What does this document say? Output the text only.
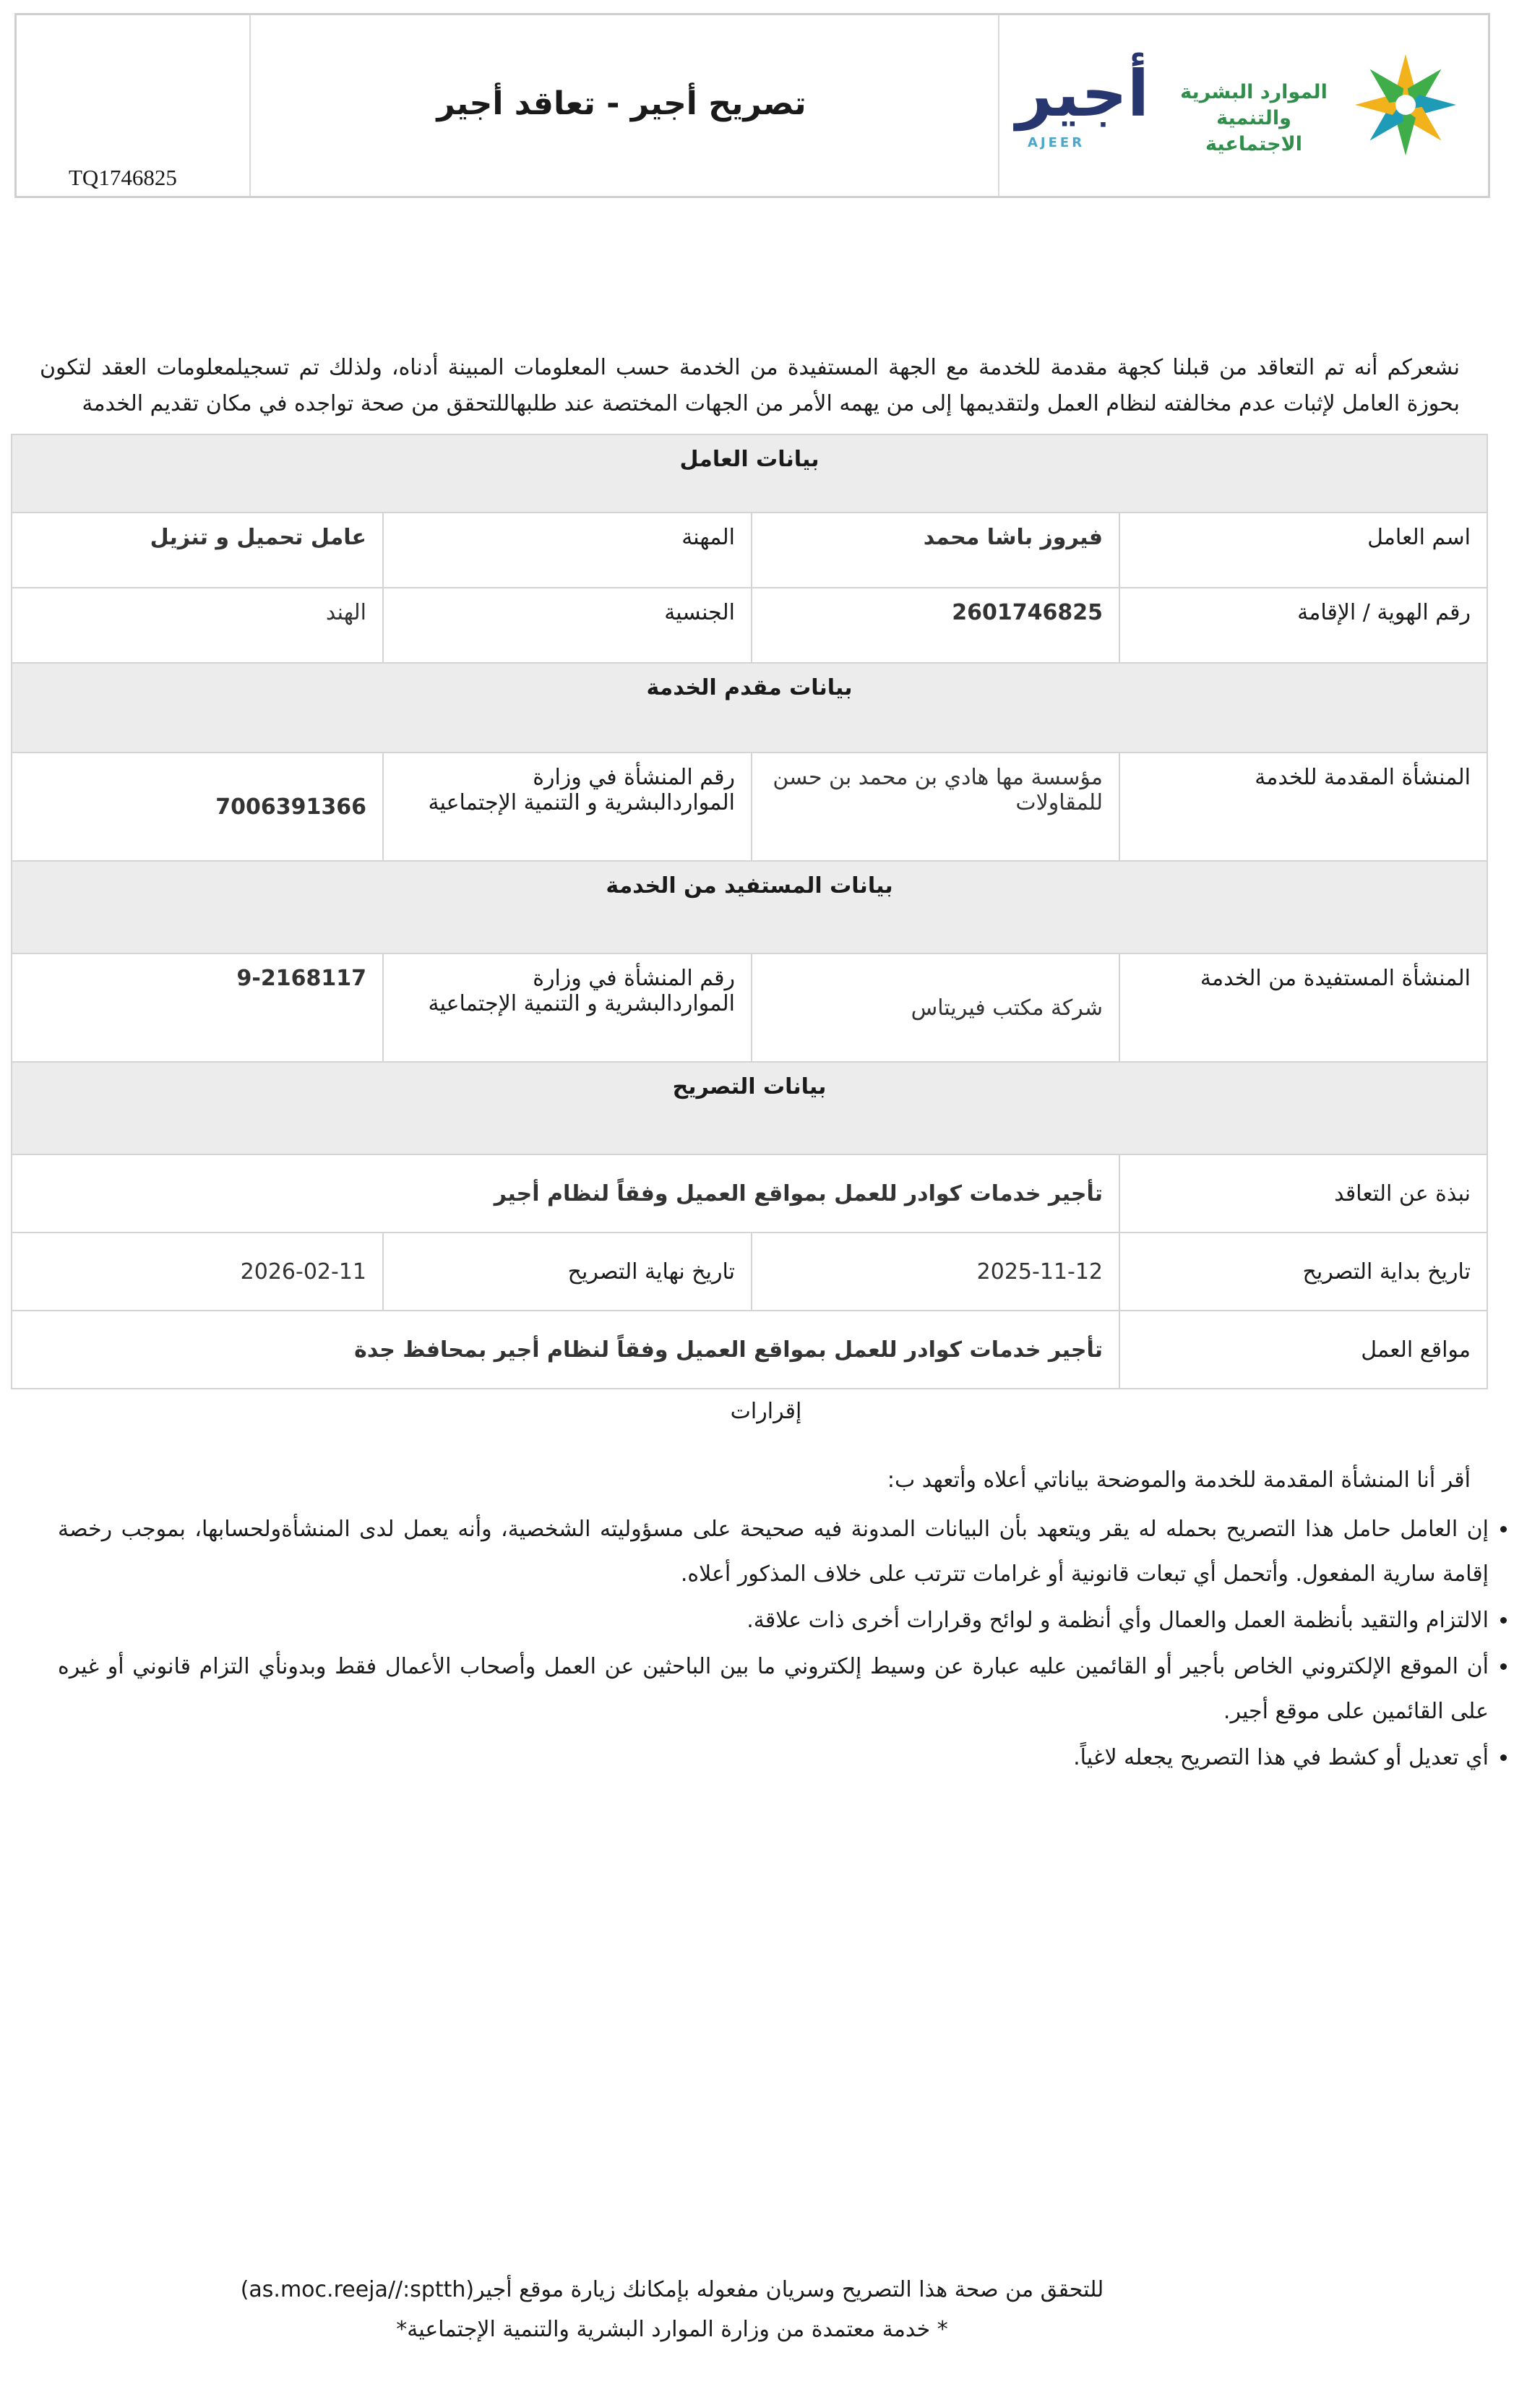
تصريح أجير - تعاقد أجير
TQ1746825
أجير
AJEER
الموارد البشرية
والتنمية الاجتماعية
نشعركم أنه تم التعاقد من قبلنا كجهة مقدمة للخدمة مع الجهة المستفيدة من الخدمة حسب المعلومات المبينة أدناه، ولذلك تم تسجيلمعلومات العقد لتكون بحوزة العامل لإثبات عدم مخالفته لنظام العمل ولتقديمها إلى من يهمه الأمر من الجهات المختصة عند طلبهاللتحقق من صحة تواجده في مكان تقديم الخدمة
بيانات العامل			
اسم العامل	فيروز باشا محمد	المهنة	عامل تحميل و تنزيل
رقم الهوية / الإقامة	2601746825	الجنسية	الهند
بيانات مقدم الخدمة			
المنشأة المقدمة للخدمة	مؤسسة مها هادي بن محمد بن حسن للمقاولات	رقم المنشأة في وزارة المواردالبشرية و التنمية الإجتماعية	7006391366
بيانات المستفيد من الخدمة			
المنشأة المستفيدة من الخدمة	شركة مكتب فيريتاس	رقم المنشأة في وزارة المواردالبشرية و التنمية الإجتماعية	9-2168117
بيانات التصريح			
نبذة عن التعاقد	تأجير خدمات كوادر للعمل بمواقع العميل وفقاً لنظام أجير		
تاريخ بداية التصريح	2025-11-12	تاريخ نهاية التصريح	2026-02-11
مواقع العمل	تأجير خدمات كوادر للعمل بمواقع العميل وفقاً لنظام أجير بمحافظ جدة		
إقرارات
أقر أنا المنشأة المقدمة للخدمة والموضحة بياناتي أعلاه وأتعهد ب:
• إن العامل حامل هذا التصريح بحمله له يقر ويتعهد بأن البيانات المدونة فيه صحيحة على مسؤوليته الشخصية، وأنه يعمل لدى المنشأةولحسابها، بموجب رخصة إقامة سارية المفعول. وأتحمل أي تبعات قانونية أو غرامات تترتب على خلاف المذكور أعلاه.
• الالتزام والتقيد بأنظمة العمل والعمال وأي أنظمة و لوائح وقرارات أخرى ذات علاقة.
• أن الموقع الإلكتروني الخاص بأجير أو القائمين عليه عبارة عن وسيط إلكتروني ما بين الباحثين عن العمل وأصحاب الأعمال فقط وبدونأي التزام قانوني أو غيره على القائمين على موقع أجير.
• أي تعديل أو كشط في هذا التصريح يجعله لاغياً.
للتحقق من صحة هذا التصريح وسريان مفعوله بإمكانك زيارة موقع أجير(as.moc.reeja//:sptth)
* خدمة معتمدة من وزارة الموارد البشرية والتنمية الإجتماعية*
